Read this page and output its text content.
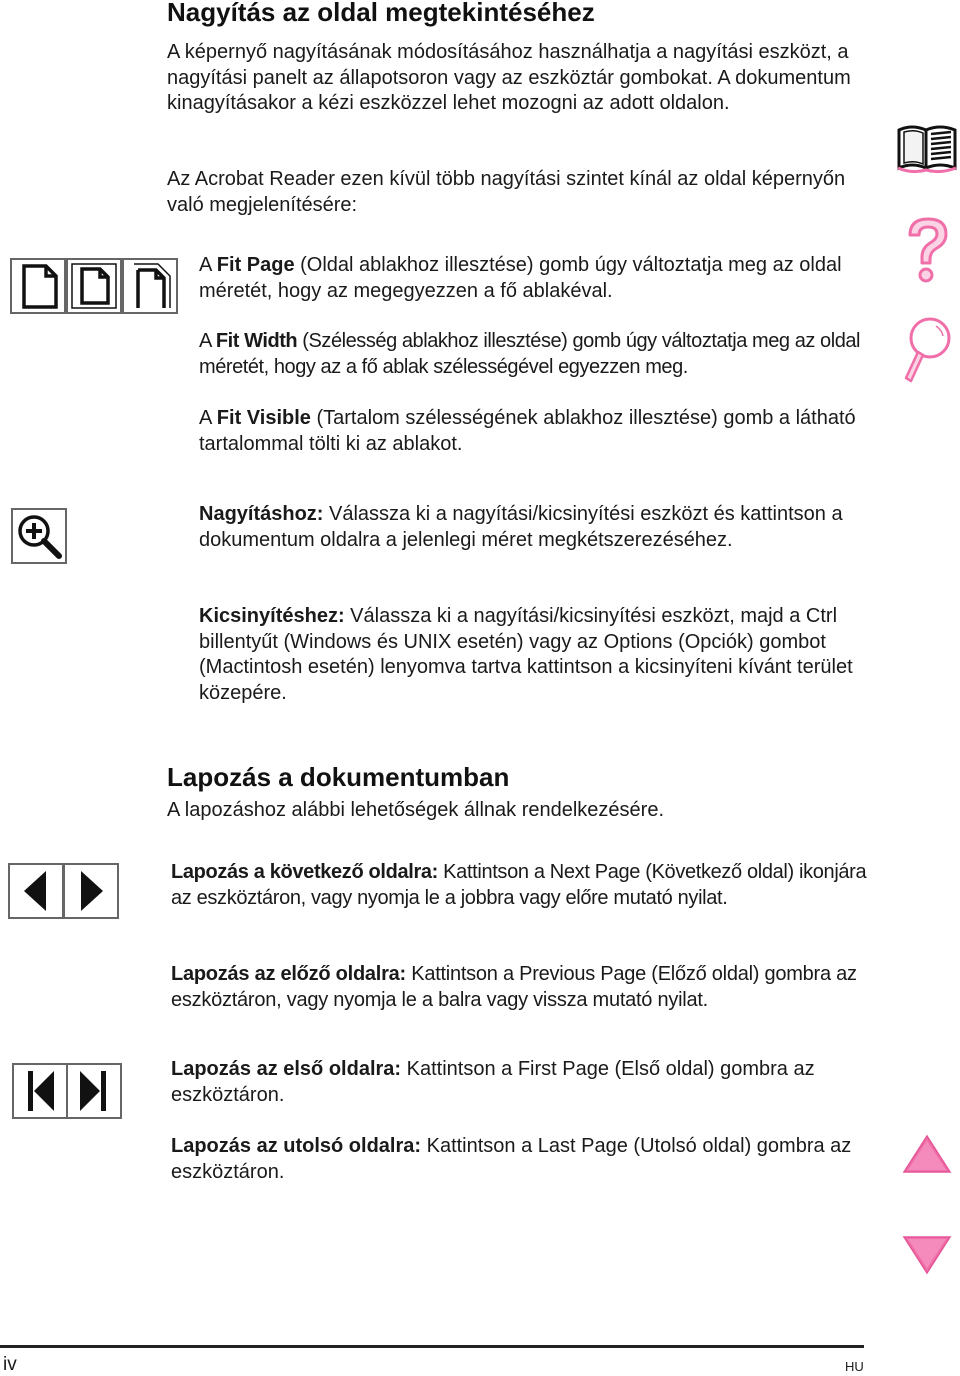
Nagyítás az oldal megtekintéséhez

A képernyő nagyításának módosításához használhatja a nagyítási eszközt, a nagyítási panelt az állapotsoron vagy az eszköztár gombokat. A dokumentum kinagyításakor a kézi eszközzel lehet mozogni az adott oldalon.

Az Acrobat Reader ezen kívül több nagyítási szintet kínál az oldal képernyőn való megjelenítésére:

A Fit Page (Oldal ablakhoz illesztése) gomb úgy változtatja meg az oldal méretét, hogy az megegyezzen a fő ablakéval.

A Fit Width (Szélesség ablakhoz illesztése) gomb úgy változtatja meg az oldal méretét, hogy az a fő ablak szélességével egyezzen meg.

A Fit Visible (Tartalom szélességének ablakhoz illesztése) gomb a látható tartalommal tölti ki az ablakot.

Nagyításhoz: Válassza ki a nagyítási/kicsinyítési eszközt és kattintson a dokumentum oldalra a jelenlegi méret megkétszerezéséhez.

Kicsinyítéshez: Válassza ki a nagyítási/kicsinyítési eszközt, majd a Ctrl billentyűt (Windows és UNIX esetén) vagy az Options (Opciók) gombot (Mactintosh esetén) lenyomva tartva kattintson a kicsinyíteni kívánt terület közepére.

Lapozás a dokumentumban

A lapozáshoz alábbi lehetőségek állnak rendelkezésére.

Lapozás a következő oldalra: Kattintson a Next Page (Következő oldal) ikonjára az eszköztáron, vagy nyomja le a jobbra vagy előre mutató nyilat.

Lapozás az előző oldalra: Kattintson a Previous Page (Előző oldal) gombra az eszköztáron, vagy nyomja le a balra vagy vissza mutató nyilat.

Lapozás az első oldalra: Kattintson a First Page (Első oldal) gombra az eszköztáron.

Lapozás az utolsó oldalra: Kattintson a Last Page (Utolsó oldal) gombra az eszköztáron.

iv	HU
